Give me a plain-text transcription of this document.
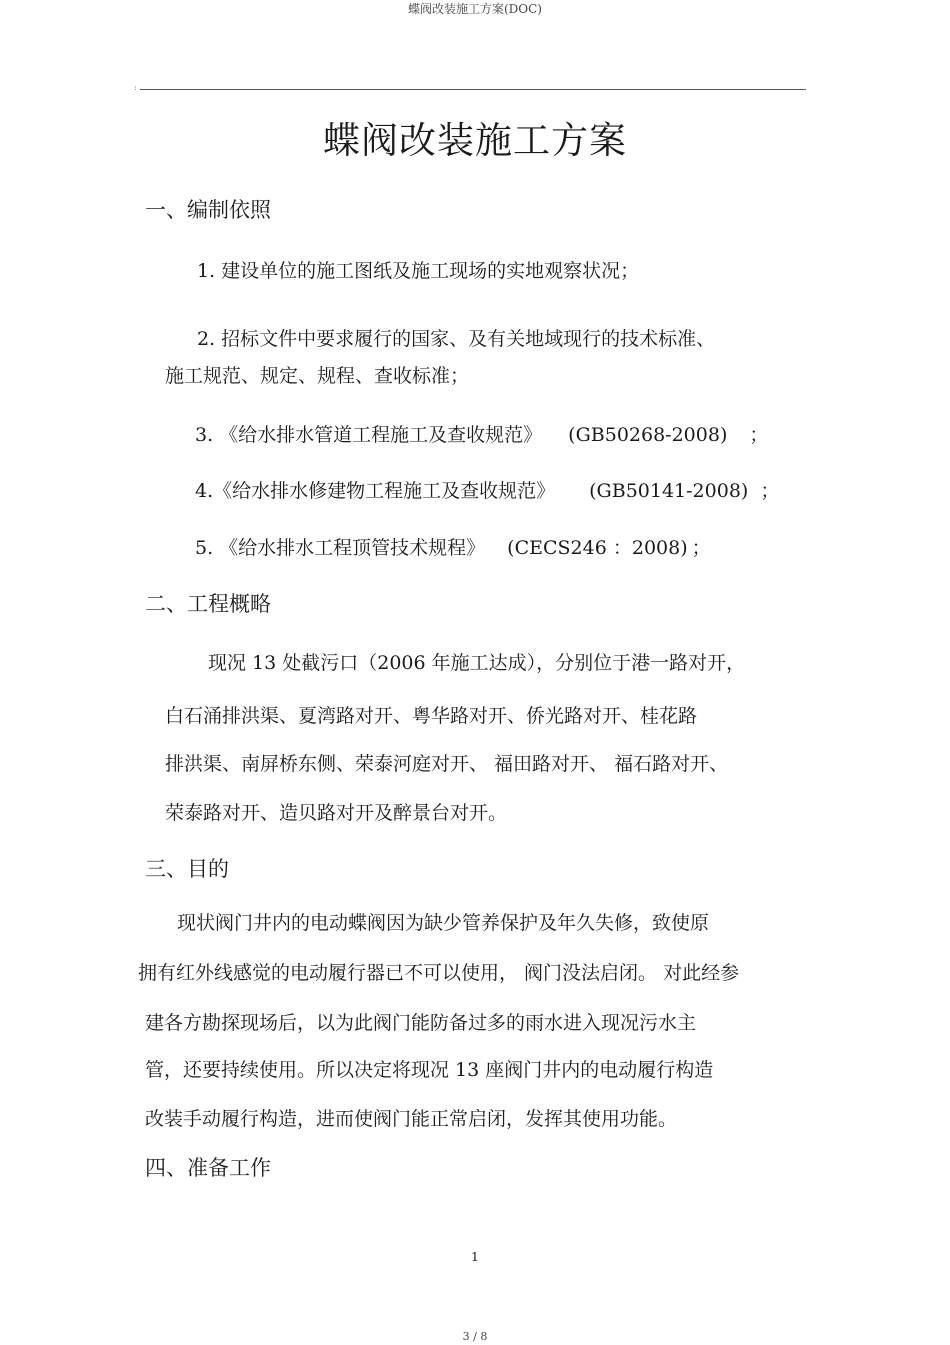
蝶阀改装施工方案(DOC)
:	.
蝶阀改装施工方案
一、编制依照
1. 建设单位的施工图纸及施工现场的实地观察状况；
2. 招标文件中要求履行的国家、及有关地域现行的技术标准、
施工规范、规定、规程、查收标准；
3. 《给水排水管道工程施工及查收规范》 (GB50268-2008) ；
4.《给水排水修建物工程施工及查收规范》 (GB50141-2008) ；
5. 《给水排水工程顶管技术规程》 (CECS246 ：2008) ；
二、工程概略
现况 13 处截污口（2006 年施工达成），分别位于港一路对开，
白石涌排洪渠、夏湾路对开、粤华路对开、侨光路对开、桂花路
排洪渠、南屏桥东侧、荣泰河庭对开、 福田路对开、 福石路对开、
荣泰路对开、造贝路对开及醉景台对开。
三、目的
现状阀门井内的电动蝶阀因为缺少管养保护及年久失修，致使原
拥有红外线感觉的电动履行器已不可以使用， 阀门没法启闭。 对此经参
建各方勘探现场后，以为此阀门能防备过多的雨水进入现况污水主
管，还要持续使用。所以决定将现况 13 座阀门井内的电动履行构造
改装手动履行构造，进而使阀门能正常启闭，发挥其使用功能。
四、准备工作
1
3 / 8
